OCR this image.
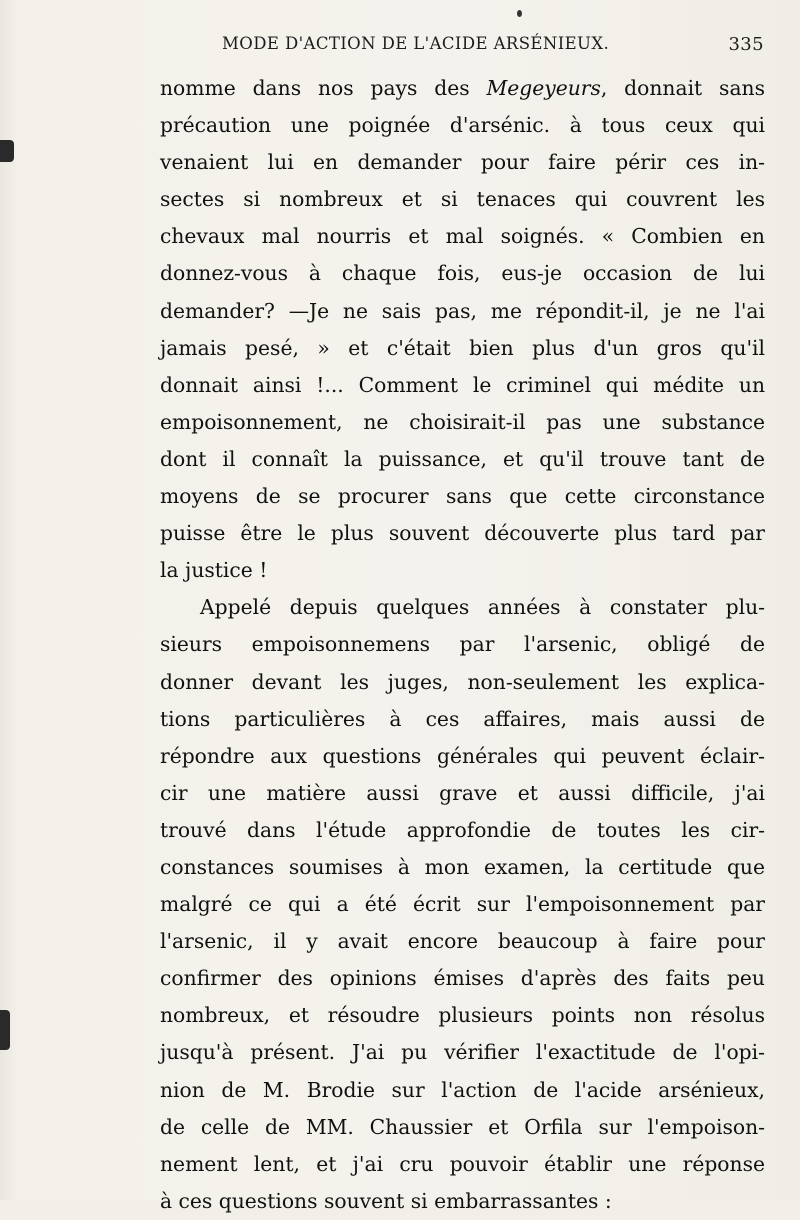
MODE D'ACTION DE L'ACIDE ARSÉNIEUX.	335
nomme dans nos pays des Megeyeurs, donnait sans
précaution une poignée d'arsénic. à tous ceux qui
venaient lui en demander pour faire périr ces in-
sectes si nombreux et si tenaces qui couvrent les
chevaux mal nourris et mal soignés. « Combien en
donnez-vous à chaque fois, eus-je occasion de lui
demander? —Je ne sais pas, me répondit-il, je ne l'ai
jamais pesé, » et c'était bien plus d'un gros qu'il
donnait ainsi !... Comment le criminel qui médite un
empoisonnement, ne choisirait-il pas une substance
dont il connaît la puissance, et qu'il trouve tant de
moyens de se procurer sans que cette circonstance
puisse être le plus souvent découverte plus tard par
la justice !
Appelé depuis quelques années à constater plu-
sieurs empoisonnemens par l'arsenic, obligé de
donner devant les juges, non-seulement les explica-
tions particulières à ces affaires, mais aussi de
répondre aux questions générales qui peuvent éclair-
cir une matière aussi grave et aussi difficile, j'ai
trouvé dans l'étude approfondie de toutes les cir-
constances soumises à mon examen, la certitude que
malgré ce qui a été écrit sur l'empoisonnement par
l'arsenic, il y avait encore beaucoup à faire pour
confirmer des opinions émises d'après des faits peu
nombreux, et résoudre plusieurs points non résolus
jusqu'à présent. J'ai pu vérifier l'exactitude de l'opi-
nion de M. Brodie sur l'action de l'acide arsénieux,
de celle de MM. Chaussier et Orfila sur l'empoison-
nement lent, et j'ai cru pouvoir établir une réponse
à ces questions souvent si embarrassantes :
